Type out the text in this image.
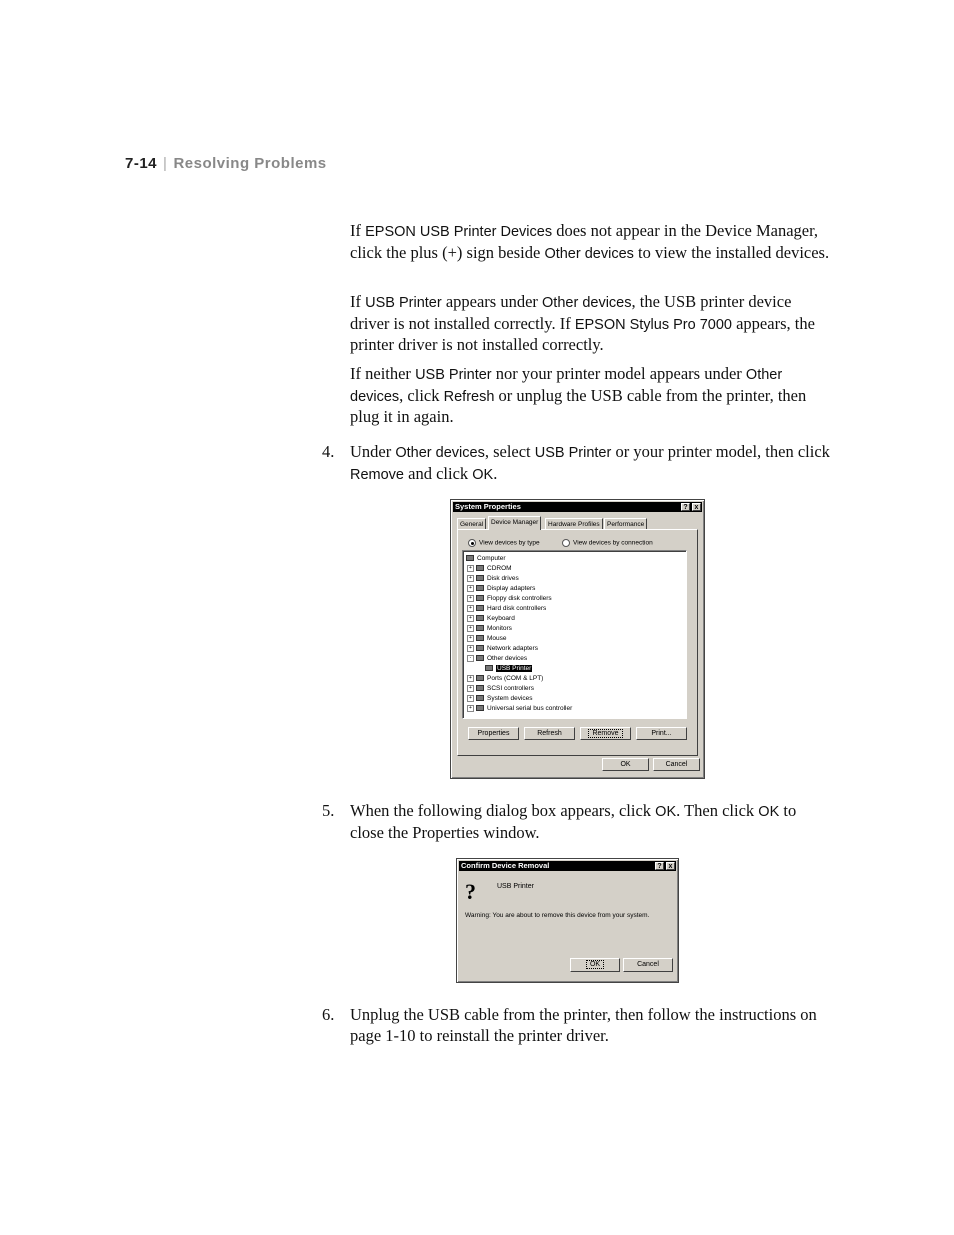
7-14 | Resolving Problems
If EPSON USB Printer Devices does not appear in the Device Manager, click the plus (+) sign beside Other devices to view the installed devices.
If USB Printer appears under Other devices, the USB printer device driver is not installed correctly. If EPSON Stylus Pro 7000 appears, the printer driver is not installed correctly.
If neither USB Printer nor your printer model appears under Other devices, click Refresh or unplug the USB cable from the printer, then plug it in again.
4. Under Other devices, select USB Printer or your printer model, then click Remove and click OK.
System Properties	? x
General	Device Manager	Hardware Profiles	Performance
View devices by type	View devices by connection
Computer
+ CDROM
+ Disk drives
+ Display adapters
+ Floppy disk controllers
+ Hard disk controllers
+ Keyboard
+ Monitors
+ Mouse
+ Network adapters
- Other devices
USB Printer
+ Ports (COM & LPT)
+ SCSI controllers
+ System devices
+ Universal serial bus controller
Properties	Refresh	Remove	Print...
OK	Cancel
5. When the following dialog box appears, click OK. Then click OK to close the Properties window.
Confirm Device Removal	? x
?	USB Printer
Warning: You are about to remove this device from your system.
OK	Cancel
6. Unplug the USB cable from the printer, then follow the instructions on page 1-10 to reinstall the printer driver.
